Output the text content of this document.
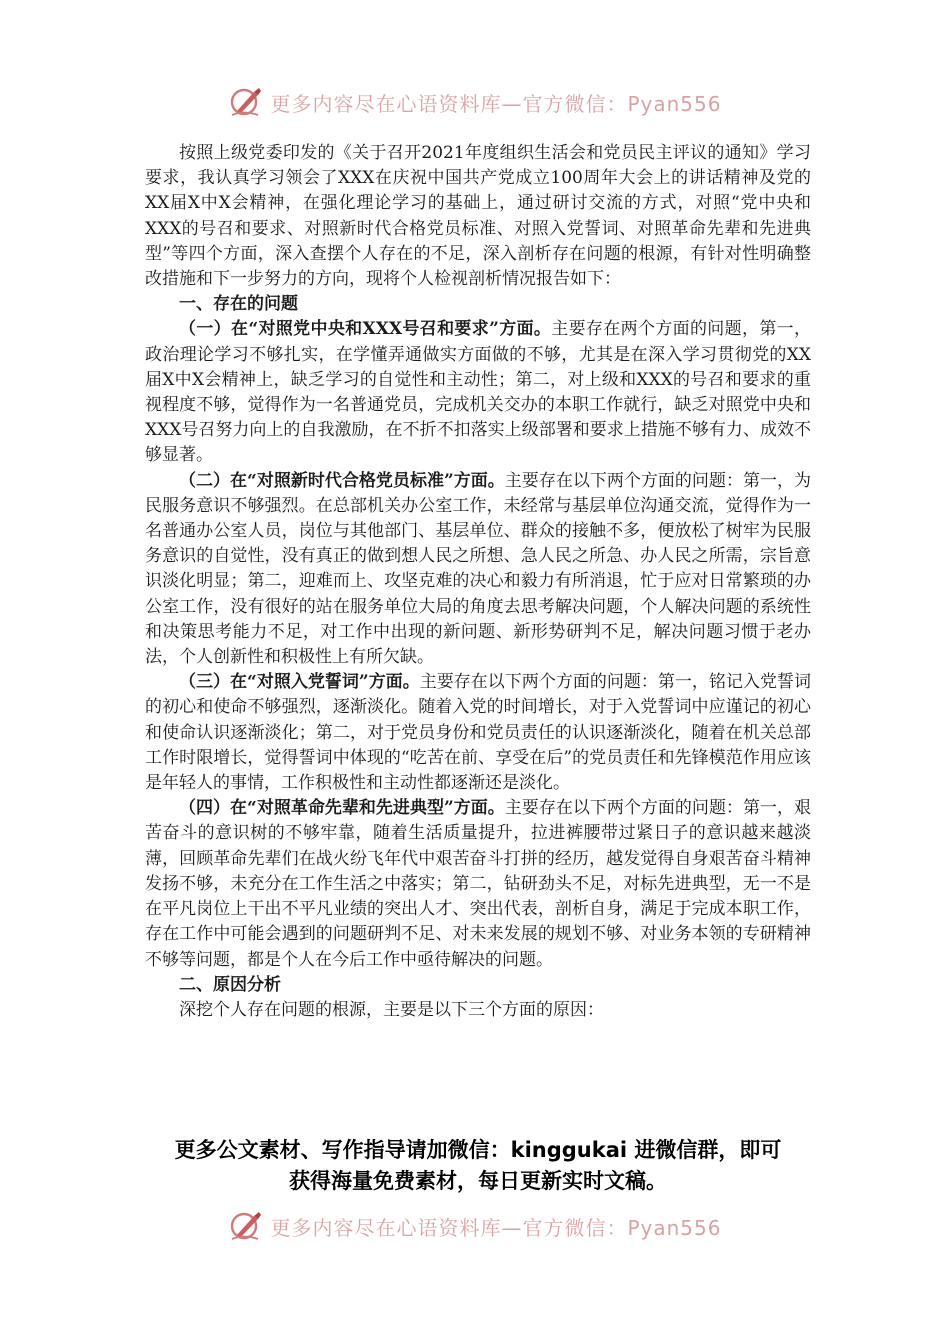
更多内容尽在心语资料库—官方微信：Pyan556

按照上级党委印发的《关于召开2021年度组织生活会和党员民主评议的通知》学习要求，我认真学习领会了XXX在庆祝中国共产党成立100周年大会上的讲话精神及党的XX届X中X会精神，在强化理论学习的基础上，通过研讨交流的方式，对照“党中央和XXX的号召和要求、对照新时代合格党员标准、对照入党誓词、对照革命先辈和先进典型”等四个方面，深入查摆个人存在的不足，深入剖析存在问题的根源，有针对性明确整改措施和下一步努力的方向，现将个人检视剖析情况报告如下：

一、存在的问题

（一）在“对照党中央和XXX号召和要求”方面。主要存在两个方面的问题，第一，政治理论学习不够扎实，在学懂弄通做实方面做的不够，尤其是在深入学习贯彻党的XX届X中X会精神上，缺乏学习的自觉性和主动性；第二，对上级和XXX的号召和要求的重视程度不够，觉得作为一名普通党员，完成机关交办的本职工作就行，缺乏对照党中央和XXX号召努力向上的自我激励，在不折不扣落实上级部署和要求上措施不够有力、成效不够显著。

（二）在“对照新时代合格党员标准”方面。主要存在以下两个方面的问题：第一，为民服务意识不够强烈。在总部机关办公室工作，未经常与基层单位沟通交流，觉得作为一名普通办公室人员，岗位与其他部门、基层单位、群众的接触不多，便放松了树牢为民服务意识的自觉性，没有真正的做到想人民之所想、急人民之所急、办人民之所需，宗旨意识淡化明显；第二，迎难而上、攻坚克难的决心和毅力有所消退，忙于应对日常繁琐的办公室工作，没有很好的站在服务单位大局的角度去思考解决问题，个人解决问题的系统性和决策思考能力不足，对工作中出现的新问题、新形势研判不足，解决问题习惯于老办法，个人创新性和积极性上有所欠缺。

（三）在“对照入党誓词”方面。主要存在以下两个方面的问题：第一，铭记入党誓词的初心和使命不够强烈，逐渐淡化。随着入党的时间增长，对于入党誓词中应谨记的初心和使命认识逐渐淡化；第二，对于党员身份和党员责任的认识逐渐淡化，随着在机关总部工作时限增长，觉得誓词中体现的“吃苦在前、享受在后”的党员责任和先锋模范作用应该是年轻人的事情，工作积极性和主动性都逐渐还是淡化。

（四）在“对照革命先辈和先进典型”方面。主要存在以下两个方面的问题：第一，艰苦奋斗的意识树的不够牢靠，随着生活质量提升，拉进裤腰带过紧日子的意识越来越淡薄，回顾革命先辈们在战火纷飞年代中艰苦奋斗打拼的经历，越发觉得自身艰苦奋斗精神发扬不够，未充分在工作生活之中落实；第二，钻研劲头不足，对标先进典型，无一不是在平凡岗位上干出不平凡业绩的突出人才、突出代表，剖析自身，满足于完成本职工作，存在工作中可能会遇到的问题研判不足、对未来发展的规划不够、对业务本领的专研精神不够等问题，都是个人在今后工作中亟待解决的问题。

二、原因分析

深挖个人存在问题的根源，主要是以下三个方面的原因：

更多公文素材、写作指导请加微信：kinggukai 进微信群，即可
获得海量免费素材，每日更新实时文稿。
更多内容尽在心语资料库—官方微信：Pyan556
